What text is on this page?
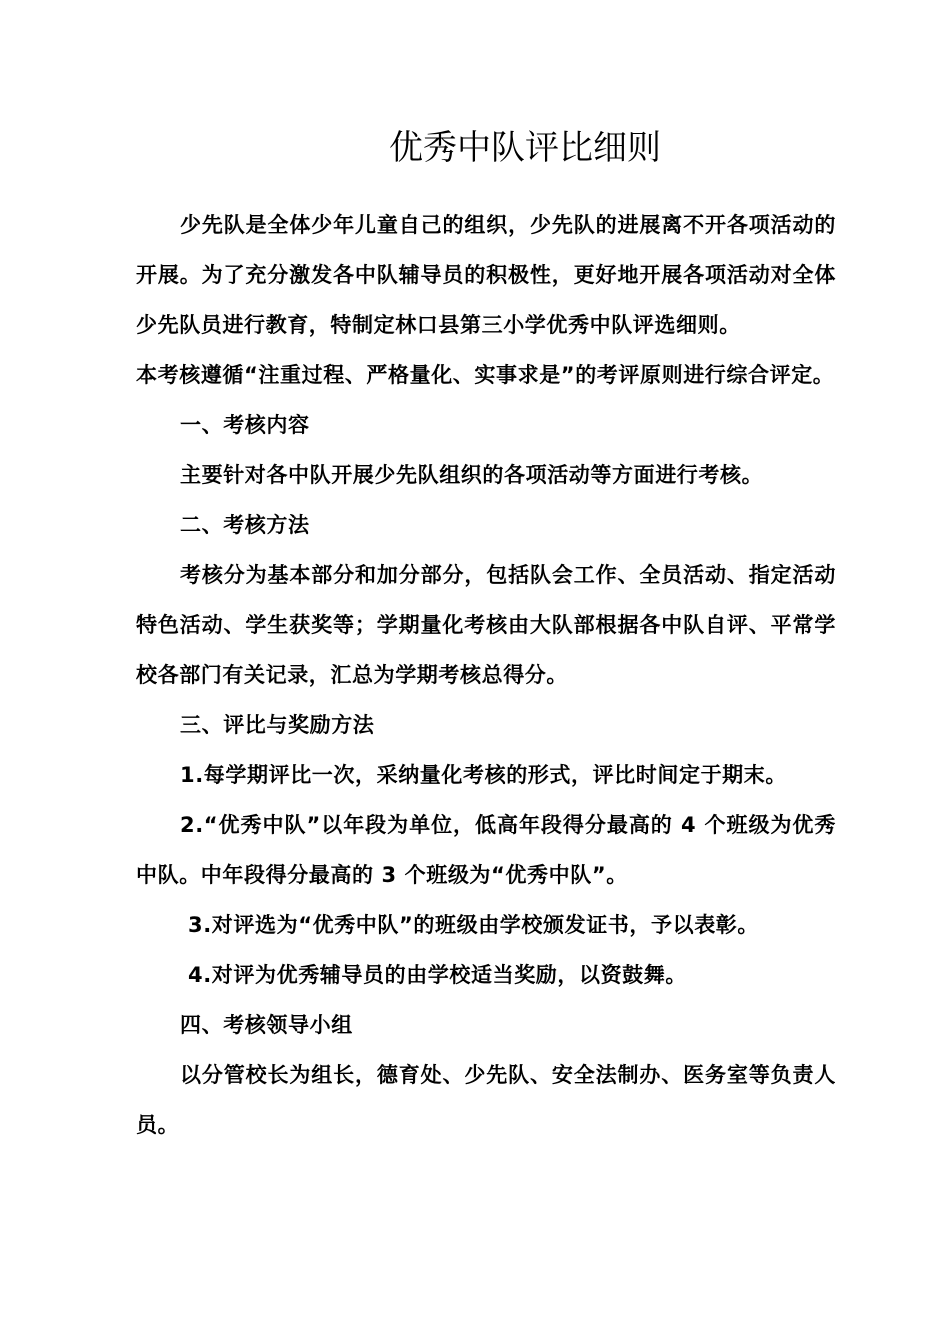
优秀中队评比细则

少先队是全体少年儿童自己的组织，少先队的进展离不开各项活动的开展。为了充分激发各中队辅导员的积极性，更好地开展各项活动对全体少先队员进行教育，特制定林口县第三小学优秀中队评选细则。

本考核遵循“注重过程、严格量化、实事求是”的考评原则进行综合评定。

一、考核内容

主要针对各中队开展少先队组织的各项活动等方面进行考核。

二、考核方法

考核分为基本部分和加分部分，包括队会工作、全员活动、指定活动特色活动、学生获奖等；学期量化考核由大队部根据各中队自评、平常学校各部门有关记录，汇总为学期考核总得分。

三、评比与奖励方法

1.每学期评比一次，采纳量化考核的形式，评比时间定于期末。

2.“优秀中队”以年段为单位，低高年段得分最高的 4 个班级为优秀中队。中年段得分最高的 3 个班级为“优秀中队”。

3.对评选为“优秀中队”的班级由学校颁发证书，予以表彰。

4.对评为优秀辅导员的由学校适当奖励，以资鼓舞。

四、考核领导小组

以分管校长为组长，德育处、少先队、安全法制办、医务室等负责人员。
